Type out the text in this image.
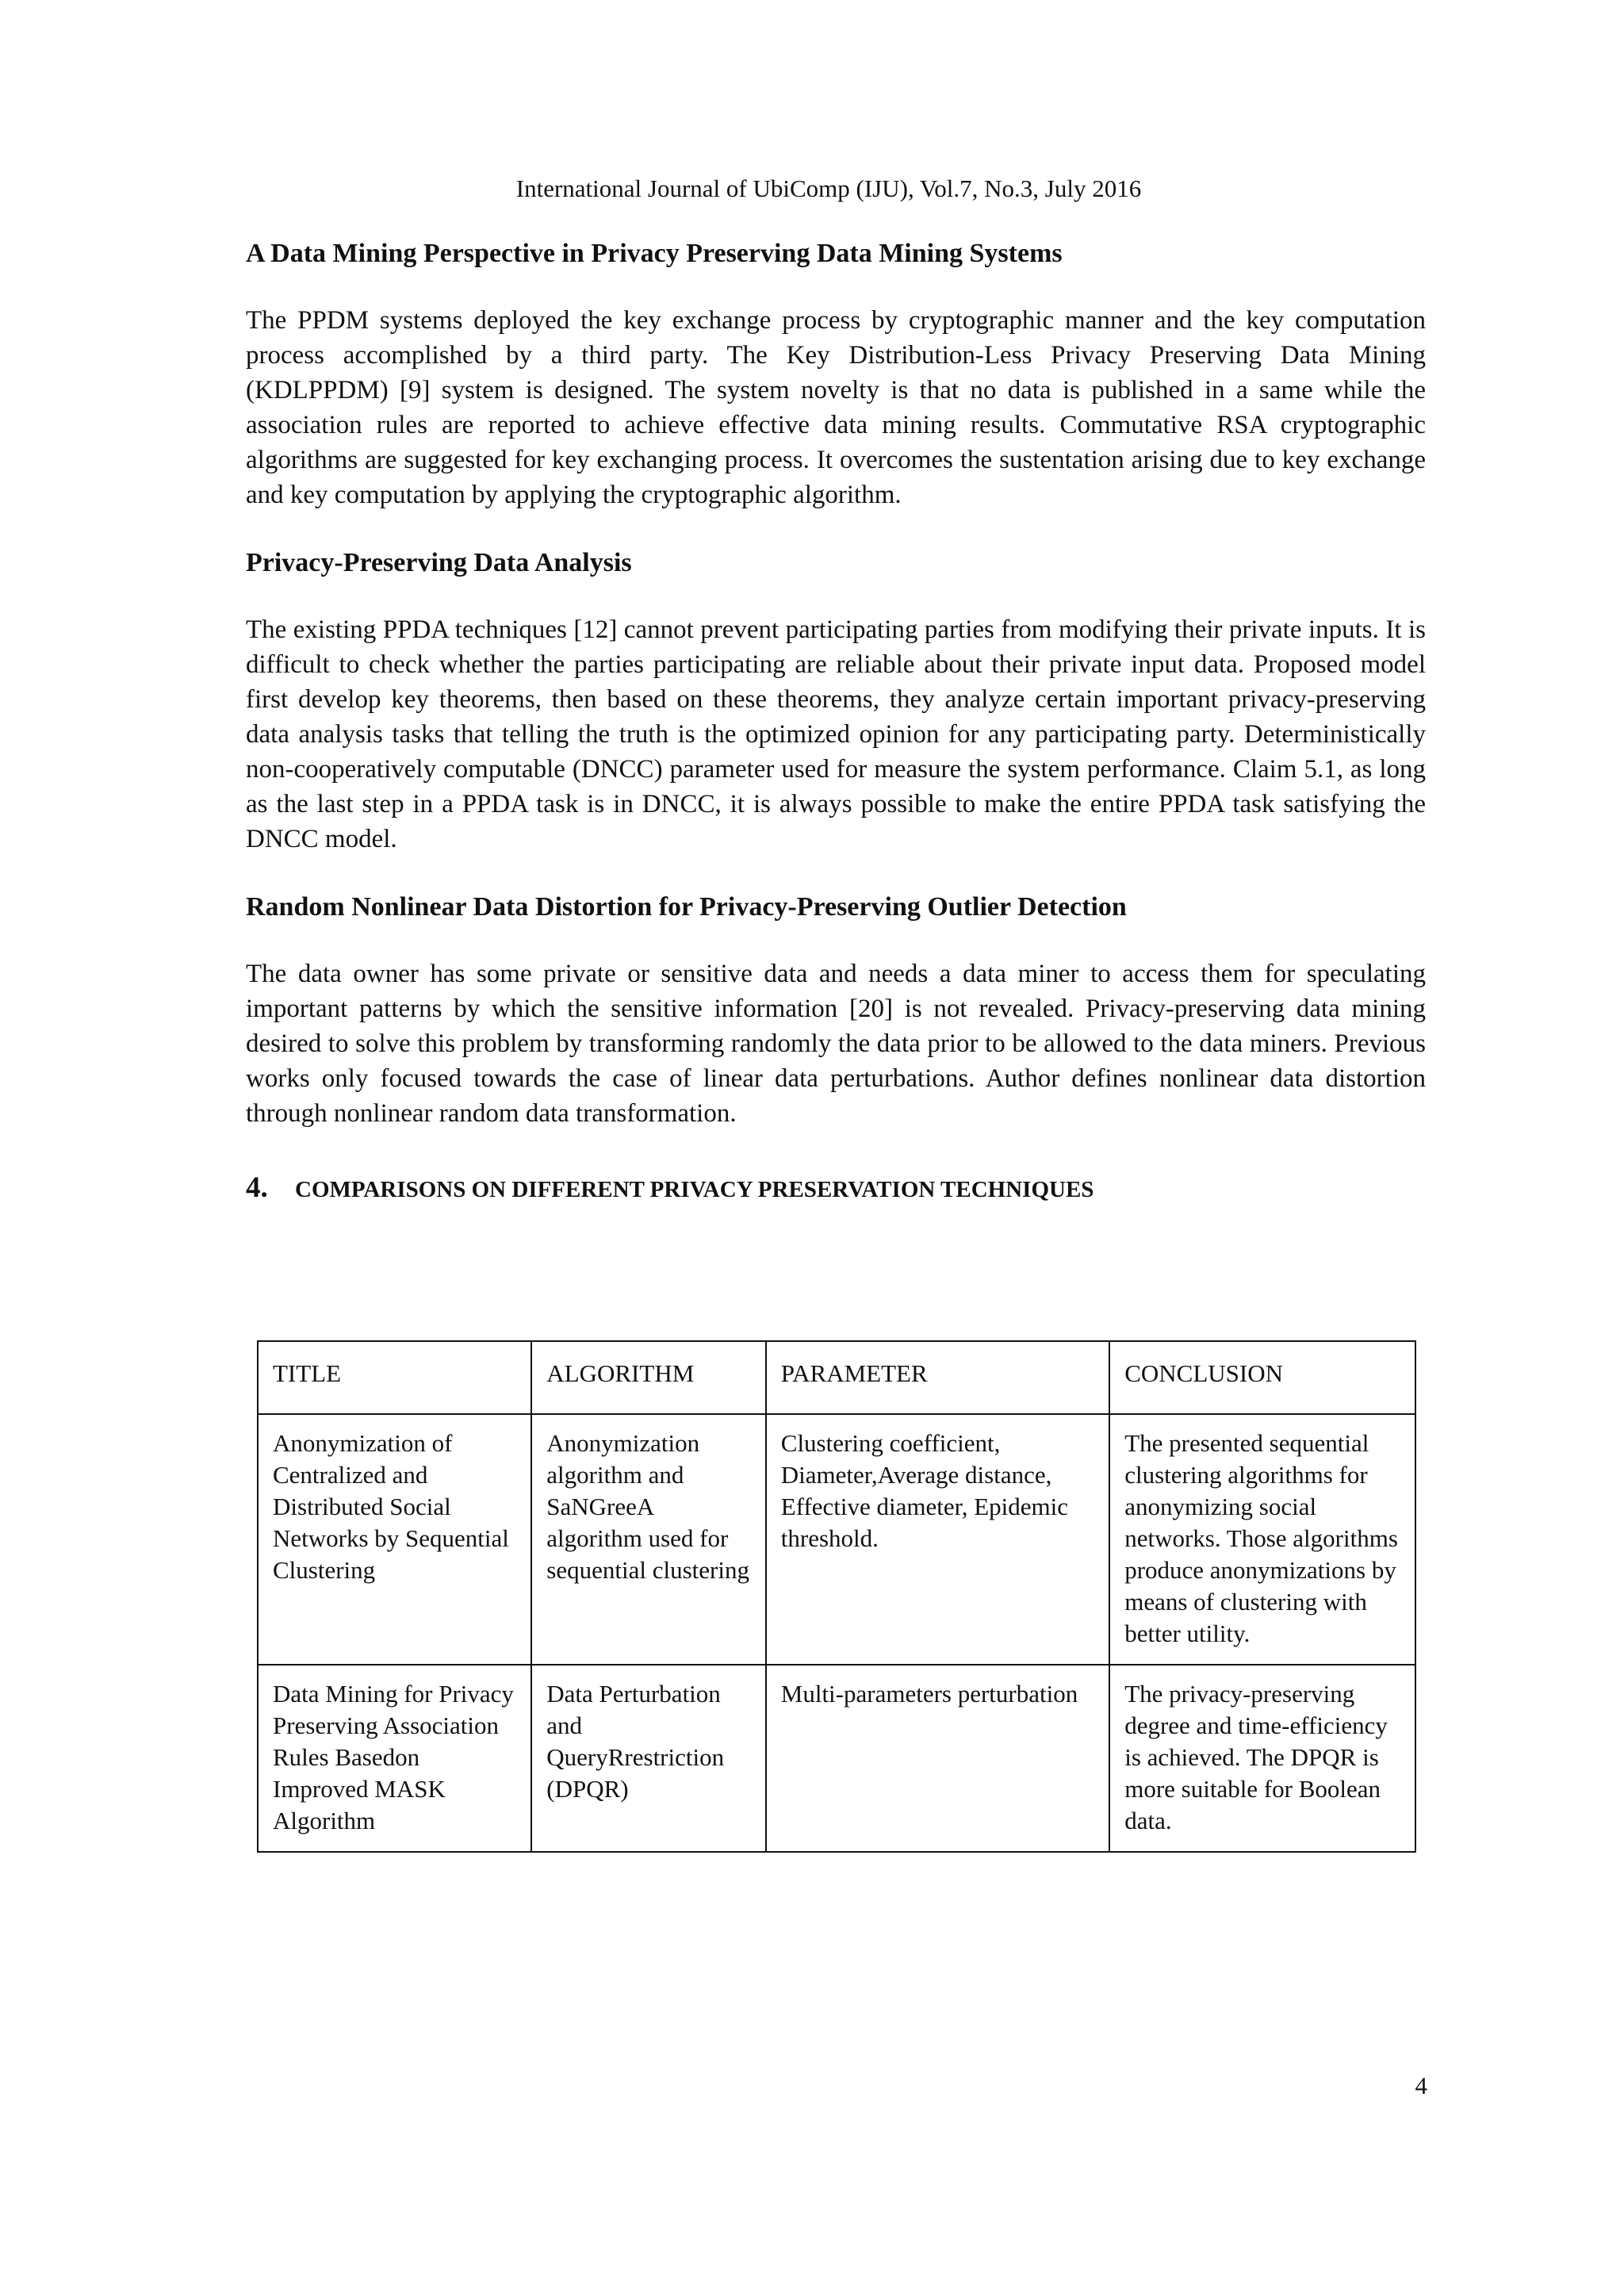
International Journal of UbiComp (IJU), Vol.7, No.3, July 2016
A Data Mining Perspective in Privacy Preserving Data Mining Systems
The PPDM systems deployed the key exchange process by cryptographic manner and the key computation process accomplished by a third party. The Key Distribution-Less Privacy Preserving Data Mining (KDLPPDM) [9] system is designed. The system novelty is that no data is published in a same while the association rules are reported to achieve effective data mining results. Commutative RSA cryptographic algorithms are suggested for key exchanging process. It overcomes the sustentation arising due to key exchange and key computation by applying the cryptographic algorithm.
Privacy-Preserving Data Analysis
The existing PPDA techniques [12] cannot prevent participating parties from modifying their private inputs. It is difficult to check whether the parties participating are reliable about their private input data. Proposed model first develop key theorems, then based on these theorems, they analyze certain important privacy-preserving data analysis tasks that telling the truth is the optimized opinion for any participating party. Deterministically non-cooperatively computable (DNCC) parameter used for measure the system performance. Claim 5.1, as long as the last step in a PPDA task is in DNCC, it is always possible to make the entire PPDA task satisfying the DNCC model.
Random Nonlinear Data Distortion for Privacy-Preserving Outlier Detection
The data owner has some private or sensitive data and needs a data miner to access them for speculating important patterns by which the sensitive information [20] is not revealed. Privacy-preserving data mining desired to solve this problem by transforming randomly the data prior to be allowed to the data miners. Previous works only focused towards the case of linear data perturbations. Author defines nonlinear data distortion through nonlinear random data transformation.
4.	COMPARISONS ON DIFFERENT PRIVACY PRESERVATION TECHNIQUES
TITLE	ALGORITHM	PARAMETER	CONCLUSION
Anonymization of Centralized and Distributed Social Networks by Sequential Clustering	Anonymization algorithm and SaNGreeA algorithm used for sequential clustering	Clustering coefficient, Diameter,Average distance, Effective diameter, Epidemic threshold.	The presented sequential clustering algorithms for anonymizing social networks. Those algorithms produce anonymizations by means of clustering with better utility.
Data Mining for Privacy Preserving Association Rules Basedon Improved MASK Algorithm	Data Perturbation and QueryRrestriction (DPQR)	Multi-parameters perturbation	The privacy-preserving degree and time-efficiency is achieved. The DPQR is more suitable for Boolean data.
4
